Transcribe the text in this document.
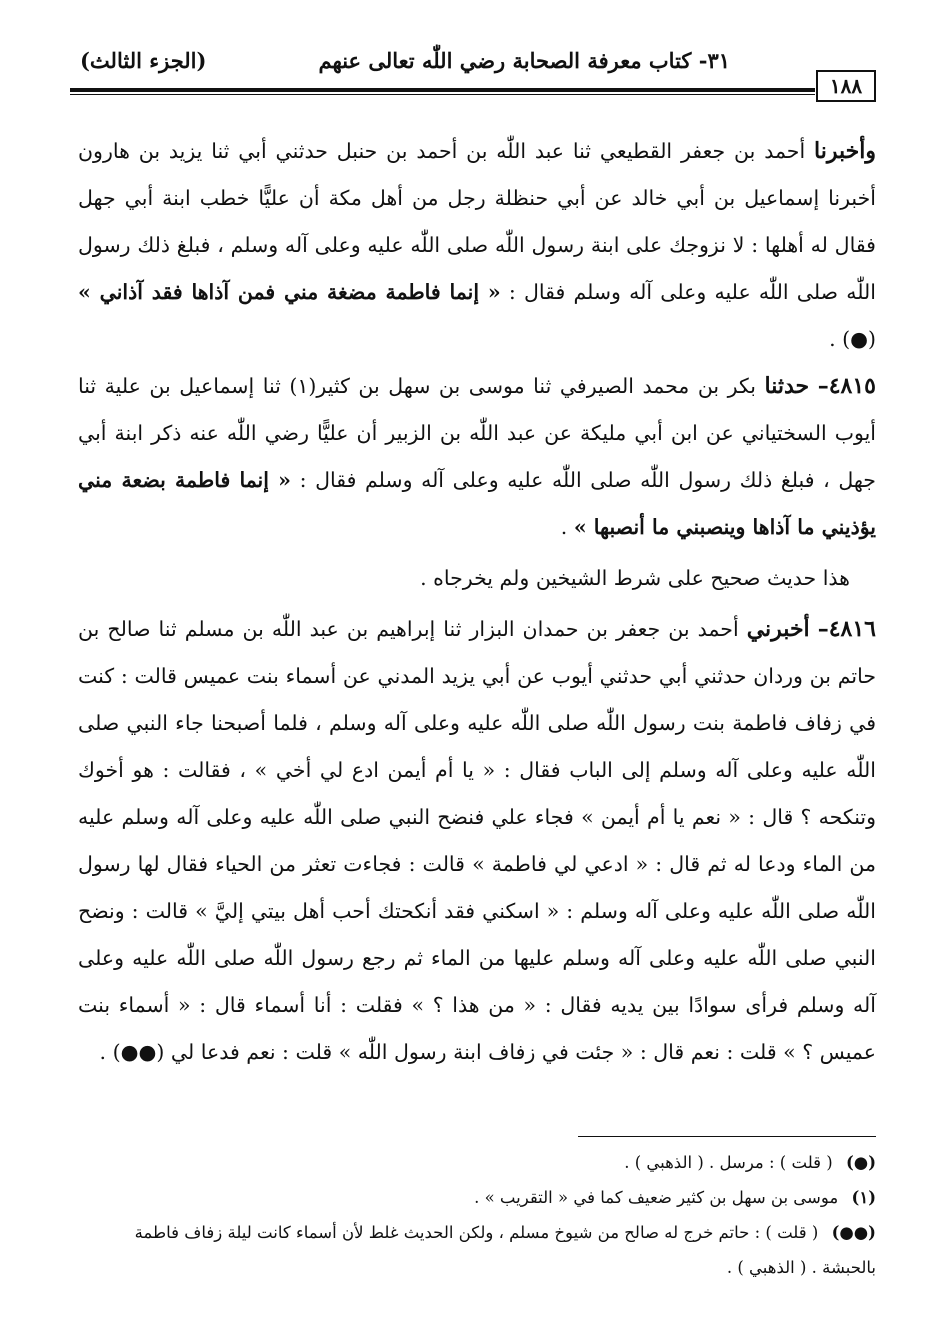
٣١- كتاب معرفة الصحابة رضي اللّٰه تعالى عنهم
(الجزء الثالث)
١٨٨

وأخبرنا أحمد بن جعفر القطيعي ثنا عبد اللّٰه بن أحمد بن حنبل حدثني أبي ثنا يزيد بن هارون أخبرنا إسماعيل بن أبي خالد عن أبي حنظلة رجل من أهل مكة أن عليًّا خطب ابنة أبي جهل فقال له أهلها : لا نزوجك على ابنة رسول اللّٰه صلى اللّٰه عليه وعلى آله وسلم ، فبلغ ذلك رسول اللّٰه صلى اللّٰه عليه وعلى آله وسلم فقال : « إنما فاطمة مضغة مني فمن آذاها فقد آذاني » (●) .

٤٨١٥– حدثنا بكر بن محمد الصيرفي ثنا موسى بن سهل بن كثير(١) ثنا إسماعيل بن علية ثنا أيوب السختياني عن ابن أبي مليكة عن عبد اللّٰه بن الزبير أن عليًّا رضي اللّٰه عنه ذكر ابنة أبي جهل ، فبلغ ذلك رسول اللّٰه صلى اللّٰه عليه وعلى آله وسلم فقال : « إنما فاطمة بضعة مني يؤذيني ما آذاها وينصبني ما أنصبها » .

هذا حديث صحيح على شرط الشيخين ولم يخرجاه .

٤٨١٦– أخبرني أحمد بن جعفر بن حمدان البزار ثنا إبراهيم بن عبد اللّٰه بن مسلم ثنا صالح بن حاتم بن وردان حدثني أبي حدثني أيوب عن أبي يزيد المدني عن أسماء بنت عميس قالت : كنت في زفاف فاطمة بنت رسول اللّٰه صلى اللّٰه عليه وعلى آله وسلم ، فلما أصبحنا جاء النبي صلى اللّٰه عليه وعلى آله وسلم إلى الباب فقال : « يا أم أيمن ادع لي أخي » ، فقالت : هو أخوك وتنكحه ؟ قال : « نعم يا أم أيمن » فجاء علي فنضح النبي صلى اللّٰه عليه وعلى آله وسلم عليه من الماء ودعا له ثم قال : « ادعي لي فاطمة » قالت : فجاءت تعثر من الحياء فقال لها رسول اللّٰه صلى اللّٰه عليه وعلى آله وسلم : « اسكني فقد أنكحتك أحب أهل بيتي إليَّ » قالت : ونضح النبي صلى اللّٰه عليه وعلى آله وسلم عليها من الماء ثم رجع رسول اللّٰه صلى اللّٰه عليه وعلى آله وسلم فرأى سوادًا بين يديه فقال : « من هذا ؟ » فقلت : أنا أسماء قال : « أسماء بنت عميس ؟ » قلت : نعم قال : « جئت في زفاف ابنة رسول اللّٰه » قلت : نعم فدعا لي (●●) .

(●) ( قلت ) : مرسل . ( الذهبي ) .

(١) موسى بن سهل بن كثير ضعيف كما في « التقريب » .

(●●) ( قلت ) : حاتم خرج له صالح من شيوخ مسلم ، ولكن الحديث غلط لأن أسماء كانت ليلة زفاف فاطمة بالحبشة . ( الذهبي ) .
